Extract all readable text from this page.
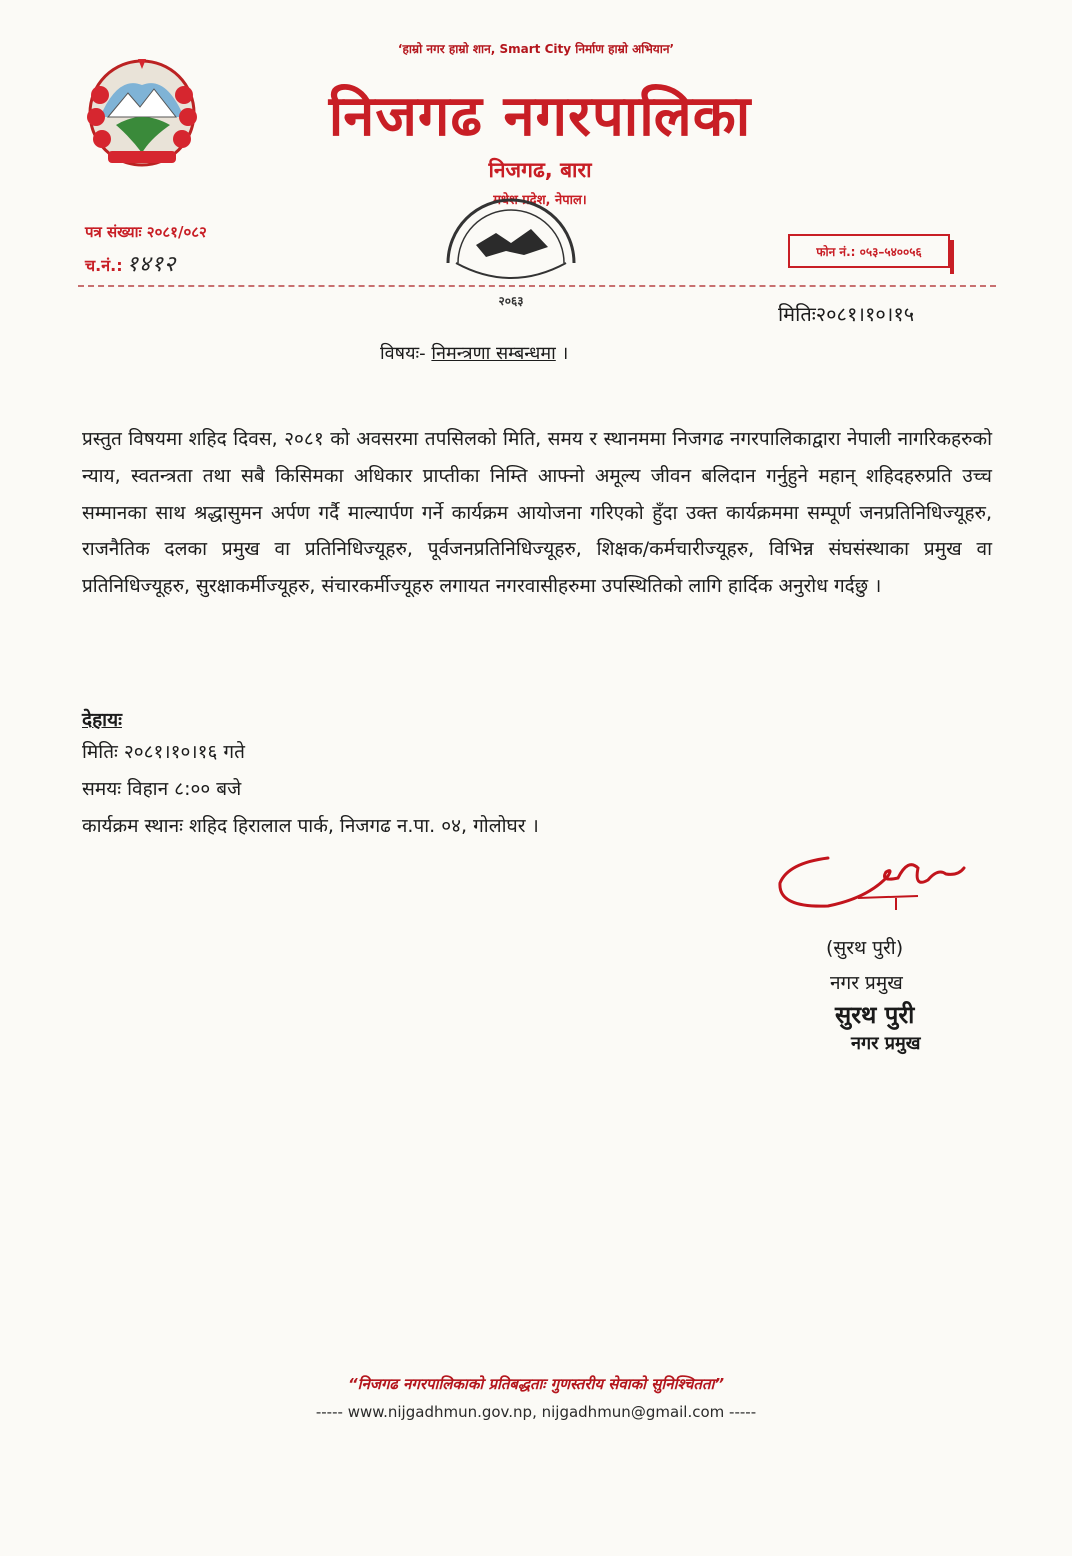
‘हाम्रो नगर हाम्रो शान, Smart City निर्माण हाम्रो अभियान’
निजगढ नगरपालिका
निजगढ, बारा
मधेश प्रदेश, नेपाल।
पत्र संख्याः २०८१/०८२
च.नं.: १४१२
फोन नं.: ०५३–५४००५६
२०६३
मितिः२०८१।१०।१५
विषयः- निमन्त्रणा सम्बन्धमा ।
प्रस्तुत विषयमा शहिद दिवस, २०८१ को अवसरमा तपसिलको मिति, समय र स्थानममा निजगढ नगरपालिकाद्वारा नेपाली नागरिकहरुको न्याय, स्वतन्त्रता तथा सबै किसिमका अधिकार प्राप्तीका निम्ति आफ्नो अमूल्य जीवन बलिदान गर्नुहुने महान् शहिदहरुप्रति उच्च सम्मानका साथ श्रद्धासुमन अर्पण गर्दै माल्यार्पण गर्ने कार्यक्रम आयोजना गरिएको हुँदा उक्त कार्यक्रममा सम्पूर्ण जनप्रतिनिधिज्यूहरु, राजनैतिक दलका प्रमुख वा प्रतिनिधिज्यूहरु, पूर्वजनप्रतिनिधिज्यूहरु, शिक्षक/कर्मचारीज्यूहरु, विभिन्न संघसंस्थाका प्रमुख वा प्रतिनिधिज्यूहरु, सुरक्षाकर्मीज्यूहरु, संचारकर्मीज्यूहरु लगायत नगरवासीहरुमा उपस्थितिको लागि हार्दिक अनुरोध गर्दछु ।
देहायः
मितिः २०८१।१०।१६ गते
समयः विहान ८:०० बजे
कार्यक्रम स्थानः शहिद हिरालाल पार्क, निजगढ न.पा. ०४, गोलोघर ।
(सुरथ पुरी)
नगर प्रमुख
सुरथ पुरी
नगर प्रमुख
“निजगढ नगरपालिकाको प्रतिबद्धताः गुणस्तरीय सेवाको सुनिश्चितता”
----- www.nijgadhmun.gov.np, nijgadhmun@gmail.com -----
